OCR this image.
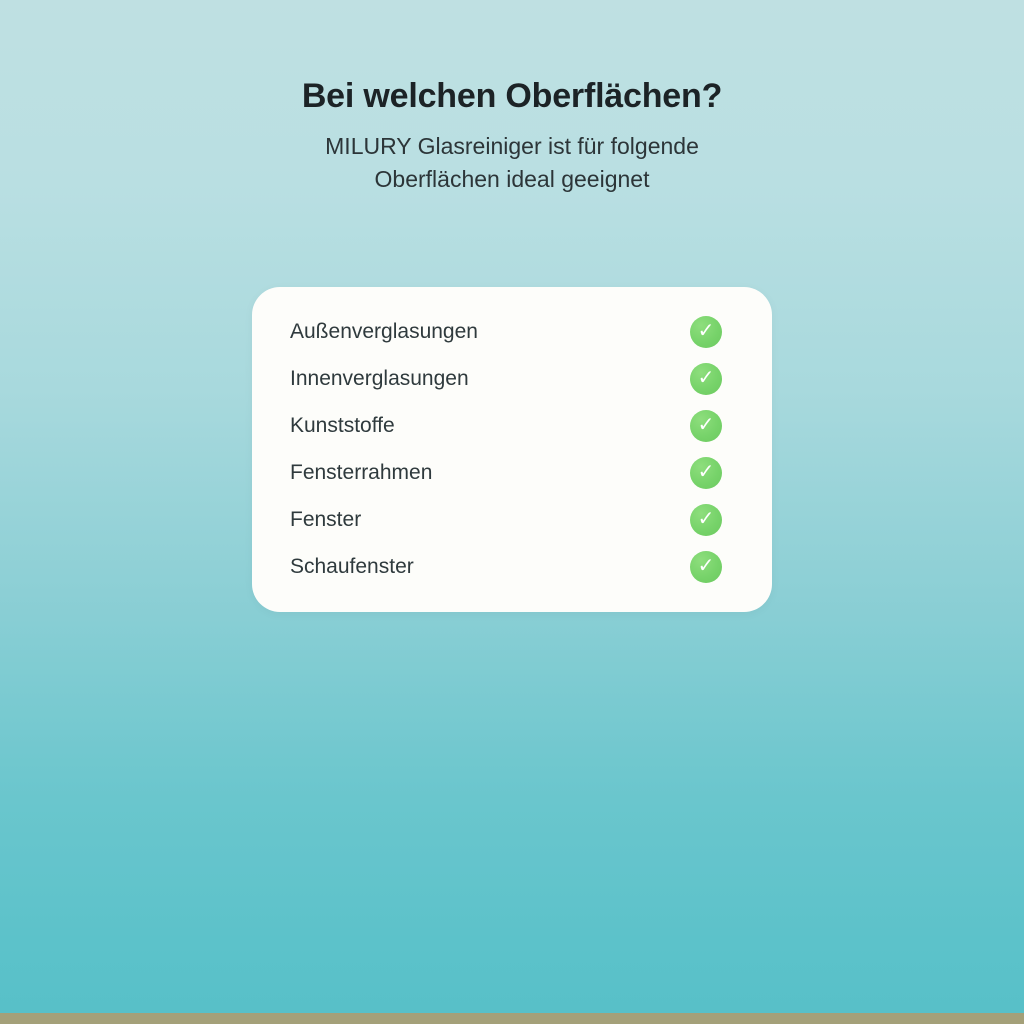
Bei welchen Oberflächen?
MILURY Glasreiniger ist für folgende
Oberflächen ideal geeignet
Außenverglasungen	✓
Innenverglasungen	✓
Kunststoffe	✓
Fensterrahmen	✓
Fenster	✓
Schaufenster	✓
